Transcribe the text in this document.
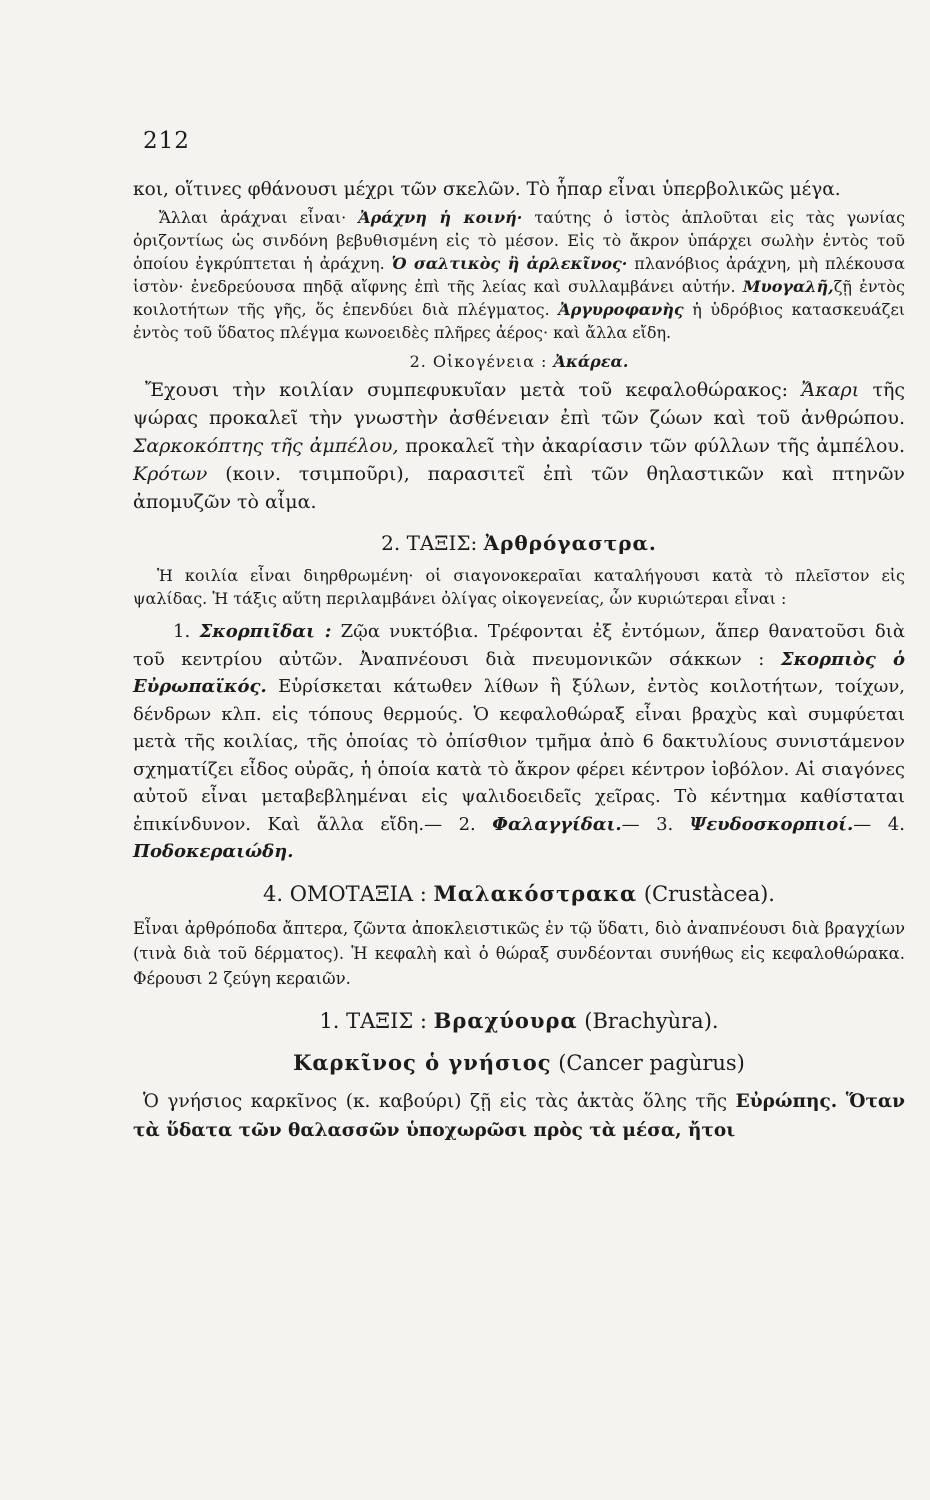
212

κοι, οἵτινες φθάνουσι μέχρι τῶν σκελῶν. Τὸ ἧπαρ εἶναι ὑπερβολικῶς μέγα.

Ἄλλαι ἀράχναι εἶναι· Ἀράχνη ἡ κοινή· ταύτης ὁ ἱστὸς ἁπλοῦται εἰς τὰς γωνίας ὁριζοντίως ὡς σινδόνη βεβυθισμένη εἰς τὸ μέσον. Εἰς τὸ ἄκρον ὑπάρχει σωλὴν ἐντὸς τοῦ ὁποίου ἐγκρύπτεται ἡ ἀράχνη. Ὁ σαλτικὸς ἢ ἀρλεκῖνος· πλανόβιος ἀράχνη, μὴ πλέκουσα ἱστὸν· ἐνεδρεύουσα πηδᾷ αἴφνης ἐπὶ τῆς λείας καὶ συλλαμβάνει αὐτήν. Μυογαλῆ,ζῇ ἐντὸς κοιλοτήτων τῆς γῆς, ὅς ἐπενδύει διὰ πλέγματος. Ἀργυροφανὴς ἡ ὑδρόβιος κατασκευάζει ἐντὸς τοῦ ὕδατος πλέγμα κωνοειδὲς πλῆρες ἀέρος· καὶ ἄλλα εἴδη.

2. Οἰκογένεια : Ἀκάρεα.

Ἔχουσι τὴν κοιλίαν συμπεφυκυῖαν μετὰ τοῦ κεφαλοθώρακος: Ἄκαρι τῆς ψώρας προκαλεῖ τὴν γνωστὴν ἀσθένειαν ἐπὶ τῶν ζώων καὶ τοῦ ἀνθρώπου. Σαρκοκόπτης τῆς ἀμπέλου, προκαλεῖ τὴν ἀκαρίασιν τῶν φύλλων τῆς ἀμπέλου. Κρότων (κοιν. τσιμποῦρι), παρασιτεῖ ἐπὶ τῶν θηλαστικῶν καὶ πτηνῶν ἀπομυζῶν τὸ αἷμα.

2. ΤΑΞΙΣ: Ἀρθρόγαστρα.

Ἡ κοιλία εἶναι διηρθρωμένη· οἱ σιαγονοκεραῖαι καταλήγουσι κατὰ τὸ πλεῖστον εἰς ψαλίδας. Ἡ τάξις αὕτη περιλαμβάνει ὀλίγας οἰκογενείας, ὧν κυριώτεραι εἶναι :

1. Σκορπιῖδαι : Ζῷα νυκτόβια. Τρέφονται ἐξ ἐντόμων, ἅπερ θανατοῦσι διὰ τοῦ κεντρίου αὐτῶν. Ἀναπνέουσι διὰ πνευμονικῶν σάκκων : Σκορπιὸς ὁ Εὐρωπαϊκός. Εὑρίσκεται κάτωθεν λίθων ἢ ξύλων, ἐντὸς κοιλοτήτων, τοίχων, δένδρων κλπ. εἰς τόπους θερμούς. Ὁ κεφαλοθώραξ εἶναι βραχὺς καὶ συμφύεται μετὰ τῆς κοιλίας, τῆς ὁποίας τὸ ὀπίσθιον τμῆμα ἀπὸ 6 δακτυλίους συνιστάμενον σχηματίζει εἶδος οὐρᾶς, ἡ ὁποία κατὰ τὸ ἄκρον φέρει κέντρον ἰοβόλον. Αἱ σιαγόνες αὐτοῦ εἶναι μεταβεβλημέναι εἰς ψαλιδοειδεῖς χεῖρας. Τὸ κέντημα καθίσταται ἐπικίνδυνον. Καὶ ἄλλα εἴδη.— 2. Φαλαγγίδαι.— 3. Ψευδοσκορπιοί.— 4. Ποδοκεραιώδη.

4. ΟΜΟΤΑΞΙΑ : Μαλακόστρακα (Crustàcea).

Εἶναι ἀρθρόποδα ἄπτερα, ζῶντα ἀποκλειστικῶς ἐν τῷ ὕδατι, διὸ ἀναπνέουσι διὰ βραγχίων (τινὰ διὰ τοῦ δέρματος). Ἡ κεφαλὴ καὶ ὁ θώραξ συνδέονται συνήθως εἰς κεφαλοθώρακα. Φέρουσι 2 ζεύγη κεραιῶν.

1. ΤΑΞΙΣ : Βραχύουρα (Brachyùra).

Καρκῖνος ὁ γνήσιος (Cancer pagùrus)

Ὁ γνήσιος καρκῖνος (κ. καβούρι) ζῇ εἰς τὰς ἀκτὰς ὅλης τῆς Εὐρώπης. Ὅταν τὰ ὕδατα τῶν θαλασσῶν ὑποχωρῶσι πρὸς τὰ μέσα, ἤτοι
